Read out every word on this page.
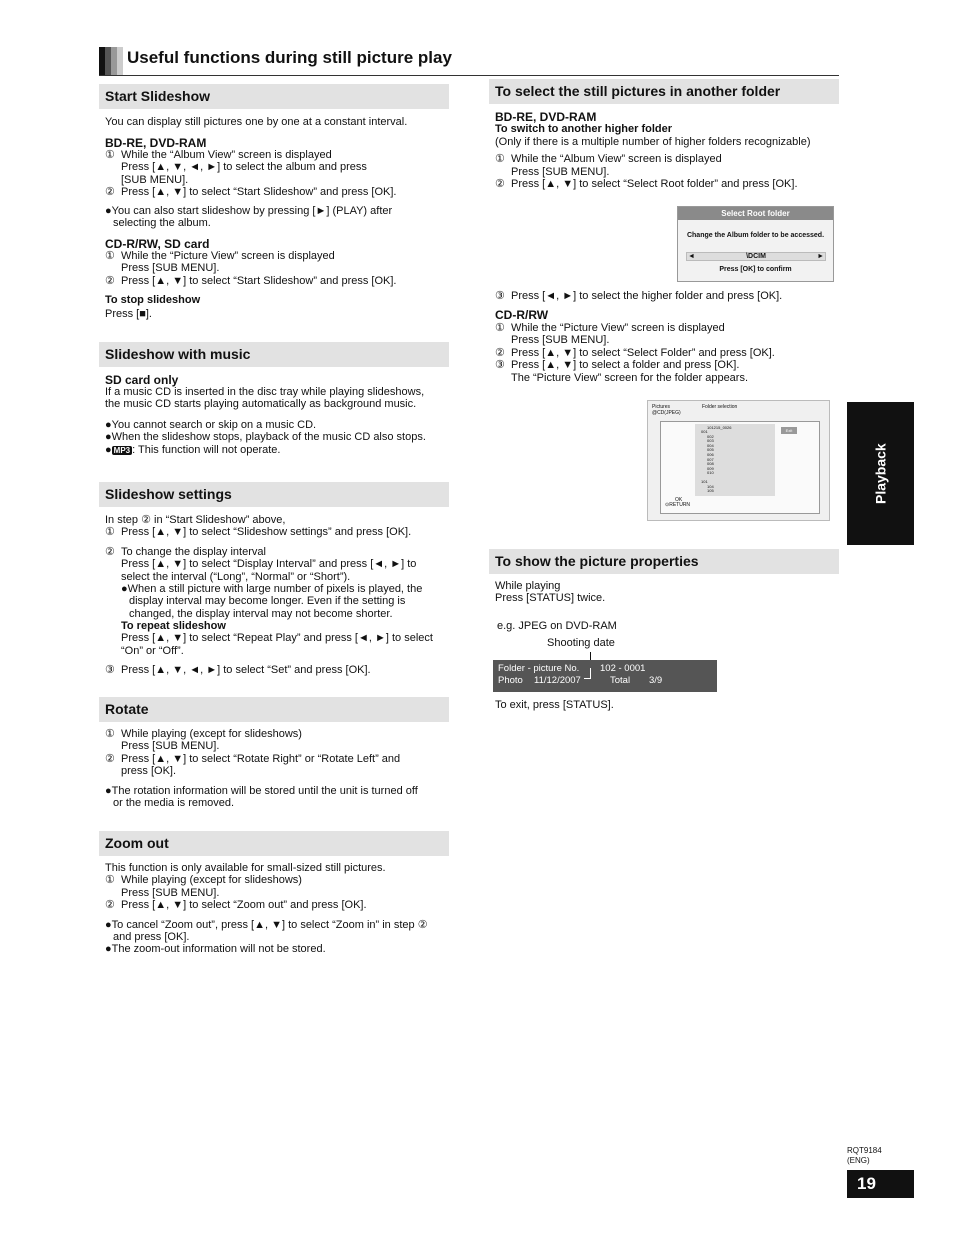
Useful functions during still picture play
Start Slideshow
You can display still pictures one by one at a constant interval.
BD-RE, DVD-RAM
① While the “Album View” screen is displayed
Press [▲, ▼, ◄, ►] to select the album and press
[SUB MENU].
② Press [▲, ▼] to select “Start Slideshow” and press [OK].
●You can also start slideshow by pressing [►] (PLAY) after
selecting the album.
CD-R/RW, SD card
① While the “Picture View” screen is displayed
Press [SUB MENU].
② Press [▲, ▼] to select “Start Slideshow” and press [OK].
To stop slideshow
Press [■].
Slideshow with music
SD card only
If a music CD is inserted in the disc tray while playing slideshows,
the music CD starts playing automatically as background music.
●You cannot search or skip on a music CD.
●When the slideshow stops, playback of the music CD also stops.
● MP3 : This function will not operate.
Slideshow settings
In step ② in “Start Slideshow” above,
① Press [▲, ▼] to select “Slideshow settings” and press [OK].
② To change the display interval
Press [▲, ▼] to select “Display Interval” and press [◄, ►] to
select the interval (“Long”, “Normal” or “Short”).
●When a still picture with large number of pixels is played, the
display interval may become longer. Even if the setting is
changed, the display interval may not become shorter.
To repeat slideshow
Press [▲, ▼] to select “Repeat Play” and press [◄, ►] to select
“On” or “Off”.
③ Press [▲, ▼, ◄, ►] to select “Set” and press [OK].
Rotate
① While playing (except for slideshows)
Press [SUB MENU].
② Press [▲, ▼] to select “Rotate Right” or “Rotate Left” and
press [OK].
●The rotation information will be stored until the unit is turned off
or the media is removed.
Zoom out
This function is only available for small-sized still pictures.
① While playing (except for slideshows)
Press [SUB MENU].
② Press [▲, ▼] to select “Zoom out” and press [OK].
●To cancel “Zoom out”, press [▲, ▼] to select “Zoom in” in step ②
and press [OK].
●The zoom-out information will not be stored.
To select the still pictures in another folder
BD-RE, DVD-RAM
To switch to another higher folder
(Only if there is a multiple number of higher folders recognizable)
① While the “Album View” screen is displayed
Press [SUB MENU].
② Press [▲, ▼] to select “Select Root folder” and press [OK].
Select Root folder
Change the Album folder to be accessed.
◄	\DCIM	►
Press [OK] to confirm
③ Press [◄, ►] to select the higher folder and press [OK].
CD-R/RW
① While the “Picture View” screen is displayed
Press [SUB MENU].
② Press [▲, ▼] to select “Select Folder” and press [OK].
③ Press [▲, ▼] to select a folder and press [OK].
The “Picture View” screen for the folder appears.
Pictures
@CD(JPEG)
Folder selection
101215_0026
001
002
003
004
005
006
007
008
009
010
101
104
105
Exit
OK
⊙RETURN
To show the picture properties
While playing
Press [STATUS] twice.
e.g. JPEG on DVD-RAM
Shooting date
Folder - picture No. 102 - 0001
Photo 11/12/2007	Total 3/9
To exit, press [STATUS].
Playback
RQT9184
(ENG)
19
